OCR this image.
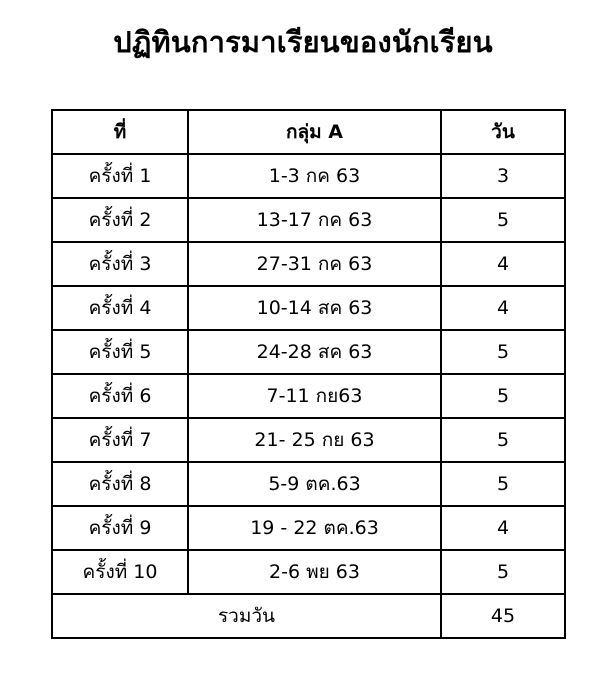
ปฏิทินการมาเรียนของนักเรียน
ที่	กลุ่ม A	วัน
ครั้งที่ 1	1-3 กค 63	3
ครั้งที่ 2	13-17 กค 63	5
ครั้งที่ 3	27-31 กค 63	4
ครั้งที่ 4	10-14 สค 63	4
ครั้งที่ 5	24-28 สค 63	5
ครั้งที่ 6	7-11 กย63	5
ครั้งที่ 7	21- 25 กย 63	5
ครั้งที่ 8	5-9 ตค.63	5
ครั้งที่ 9	19 - 22 ตค.63	4
ครั้งที่ 10	2-6 พย 63	5
รวมวัน		45
